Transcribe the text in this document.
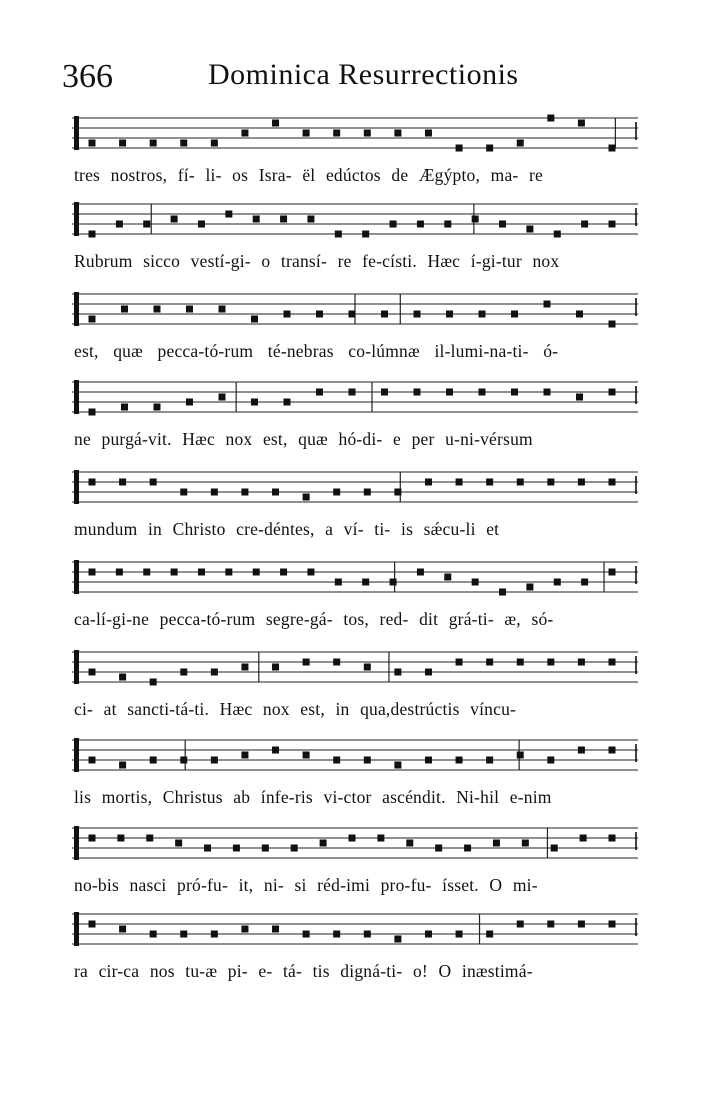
366	Dominica Resurrectionis
tres nostros, fí- li- os Isra- ël edúctos de Ægýpto, ma- re
Rubrum sicco vestí-gi- o transí- re fe-císti. Hæc í-gi-tur nox
est, quæ pecca-tó-rum té-nebras co-lúmnæ il-lumi-na-ti- ó-
ne purgá-vit. Hæc nox est, quæ hó-di- e per u-ni-vérsum
mundum in Christo cre-déntes, a ví- ti- is sǽcu-li et
ca-lí-gi-ne pecca-tó-rum segre-gá- tos, red- dit grá-ti- æ, só-
ci- at sancti-tá-ti. Hæc nox est, in qua,destrúctis víncu-
lis mortis, Christus ab ínfe-ris vi-ctor ascéndit. Ni-hil e-nim
no-bis nasci pró-fu- it, ni- si réd-imi pro-fu- ísset. O mi-
ra cir-ca nos tu-æ pi- e- tá- tis digná-ti- o! O inæstimá-
